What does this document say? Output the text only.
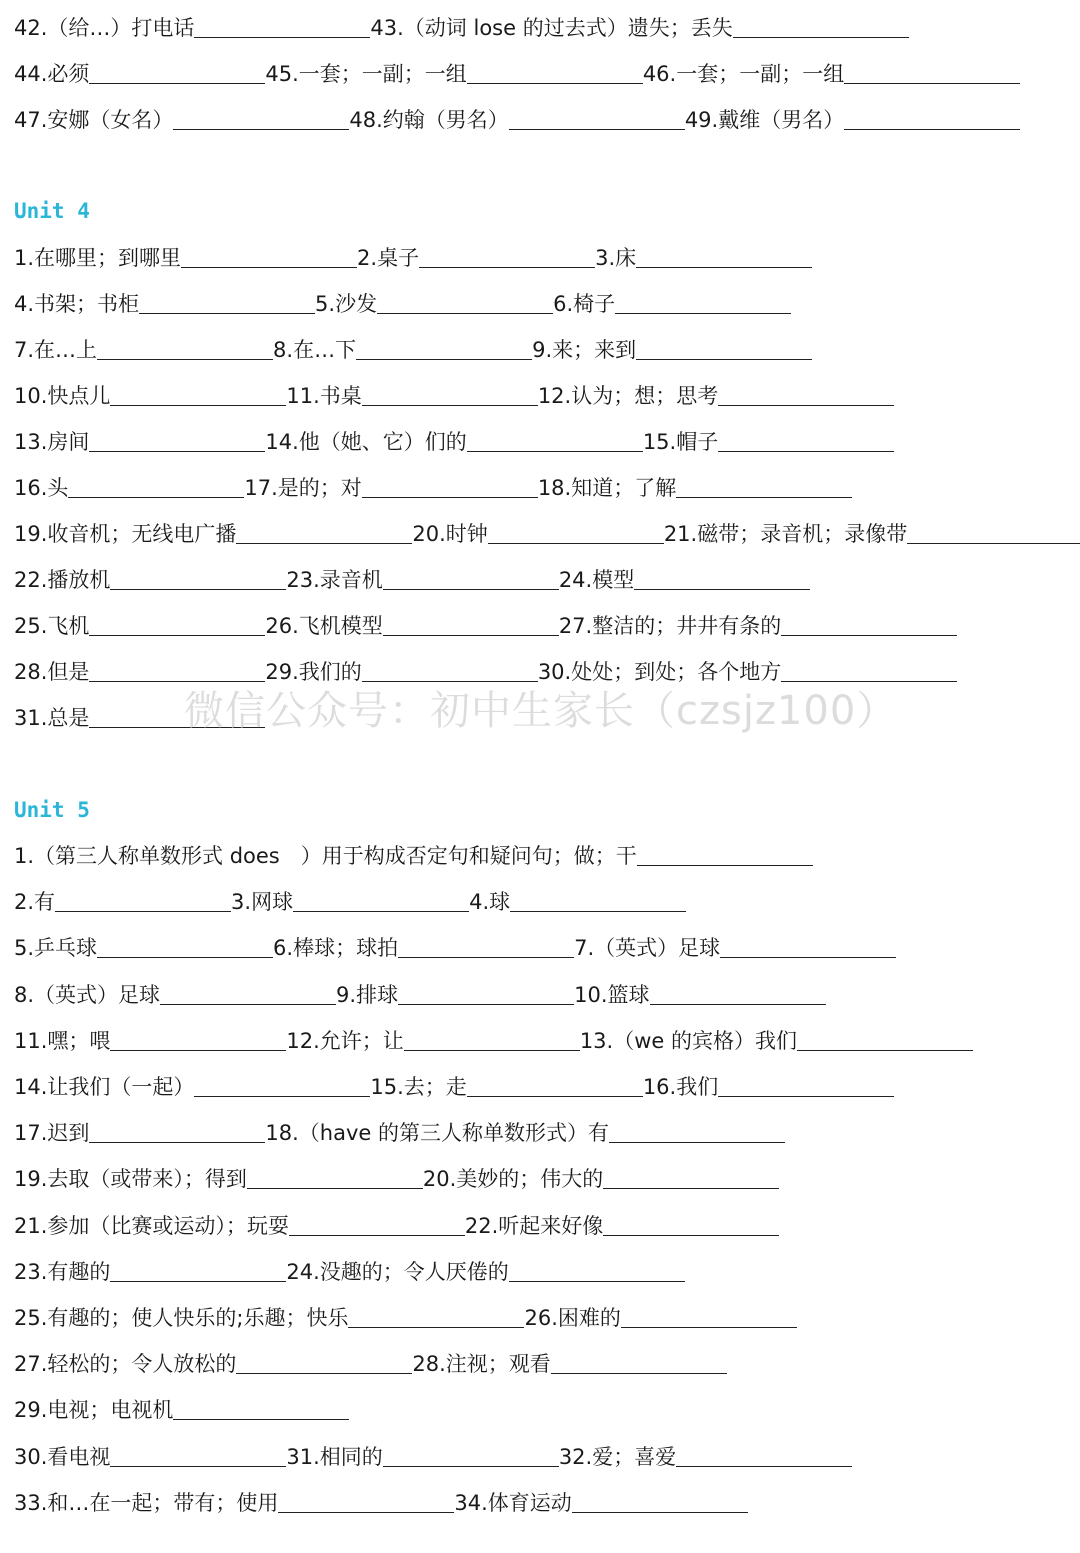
42.（给…）打电话	43.（动词 lose 的过去式）遗失；丢失
44.必须	45.一套；一副；一组	46.一套；一副；一组
47.安娜（女名）	48.约翰（男名）	49.戴维（男名）
Unit 4
1.在哪里；到哪里	2.桌子	3.床
4.书架；书柜	5.沙发	6.椅子
7.在…上	8.在…下	9.来；来到
10.快点儿	11.书桌	12.认为；想；思考
13.房间	14.他（她、它）们的	15.帽子
16.头	17.是的；对	18.知道；了解
19.收音机；无线电广播	20.时钟	21.磁带；录音机；录像带
22.播放机	23.录音机	24.模型
25.飞机	26.飞机模型	27.整洁的；井井有条的
28.但是	29.我们的	30.处处；到处；各个地方
31.总是 微信公众号：初中生家长（czsjz100）
Unit 5
1.（第三人称单数形式 does　）用于构成否定句和疑问句；做；干
2.有	3.网球	4.球
5.乒乓球	6.棒球；球拍	7.（英式）足球
8.（英式）足球	9.排球	10.篮球
11.嘿；喂	12.允许；让	13.（we 的宾格）我们
14.让我们（一起）	15.去；走	16.我们
17.迟到	18.（have 的第三人称单数形式）有
19.去取（或带来）；得到	20.美妙的；伟大的
21.参加（比赛或运动）；玩耍	22.听起来好像
23.有趣的	24.没趣的；令人厌倦的
25.有趣的；使人快乐的;乐趣；快乐	26.困难的
27.轻松的；令人放松的	28.注视；观看
29.电视；电视机
30.看电视	31.相同的	32.爱；喜爱
33.和…在一起；带有；使用	34.体育运动
